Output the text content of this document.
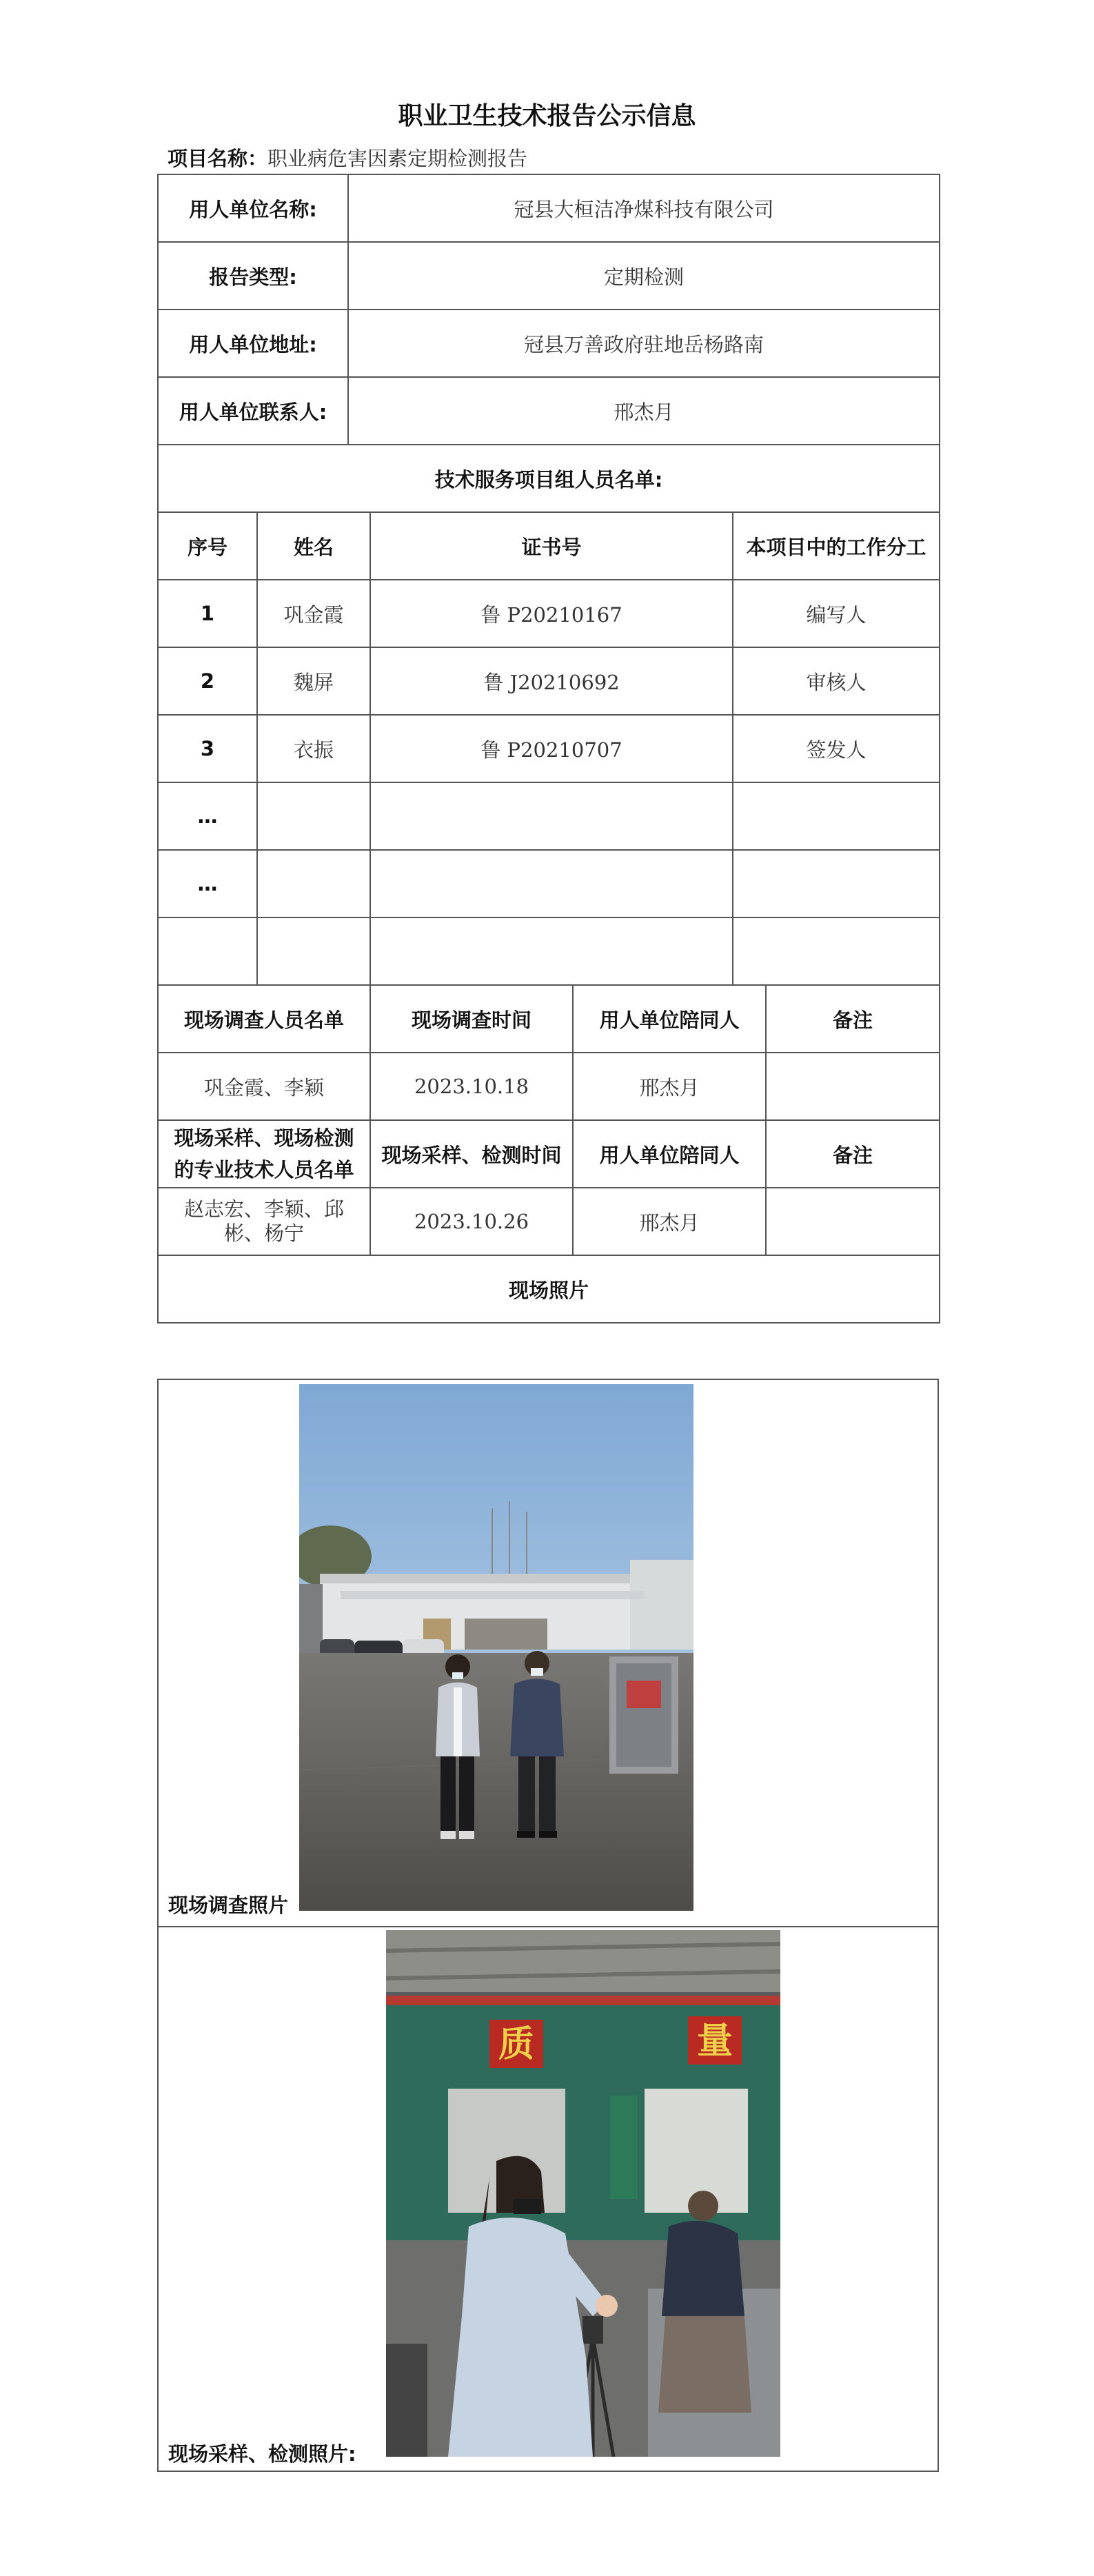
职业卫生技术报告公示信息
项目名称：职业病危害因素定期检测报告
用人单位名称:		冠县大桓洁净煤科技有限公司				
报告类型:		定期检测				
用人单位地址:		冠县万善政府驻地岳杨路南				
用人单位联系人:		邢杰月				
技术服务项目组人员名单:						
序号	姓名		证书号		本项目中的工作分工	
1	巩金霞		鲁 P20210167		编写人	
2	魏屏		鲁 J20210692		审核人	
3	衣振		鲁 P20210707		签发人	
…						
…						

现场调查人员名单			现场调查时间	用人单位陪同人		备注
巩金霞、李颖			2023.10.18	邢杰月		
现场采样、现场检测的专业技术人员名单			现场采样、检测时间	用人单位陪同人		备注
赵志宏、李颖、邱彬、杨宁			2023.10.26	邢杰月		
现场照片						
现场调查照片
质	量
现场采样、检测照片:
